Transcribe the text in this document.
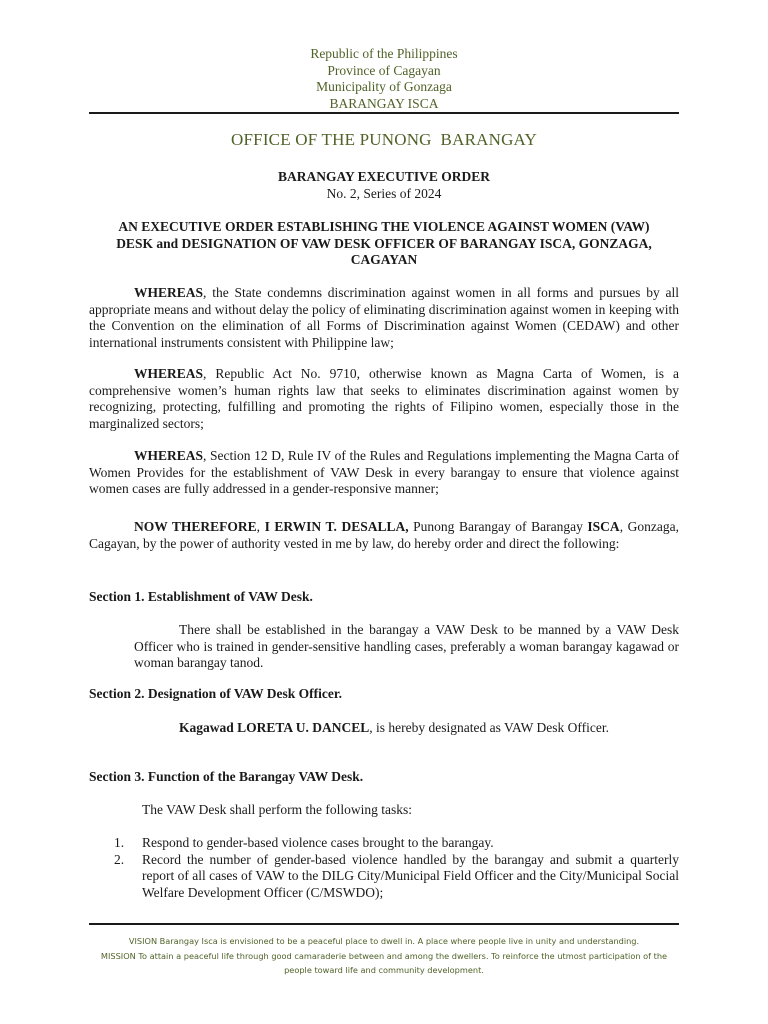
Republic of the Philippines
Province of Cagayan
Municipality of Gonzaga
BARANGAY ISCA
OFFICE OF THE PUNONG  BARANGAY
BARANGAY EXECUTIVE ORDER
No. 2, Series of 2024
AN EXECUTIVE ORDER ESTABLISHING THE VIOLENCE AGAINST WOMEN (VAW)
DESK and DESIGNATION OF VAW DESK OFFICER OF BARANGAY ISCA, GONZAGA,
CAGAYAN
WHEREAS, the State condemns discrimination against women in all forms and pursues by all appropriate means and without delay the policy of eliminating discrimination against women in keeping with the Convention on the elimination of all Forms of Discrimination against Women (CEDAW) and other international instruments consistent with Philippine law;
WHEREAS, Republic Act No. 9710, otherwise known as Magna Carta of Women, is a comprehensive women’s human rights law that seeks to eliminates discrimination against women by recognizing, protecting, fulfilling and promoting the rights of Filipino women, especially those in the marginalized sectors;
WHEREAS, Section 12 D, Rule IV of the Rules and Regulations implementing the Magna Carta of Women Provides for the establishment of VAW Desk in every barangay to ensure that violence against women cases are fully addressed in a gender-responsive manner;
NOW THEREFORE, I ERWIN T. DESALLA, Punong Barangay of Barangay ISCA, Gonzaga, Cagayan, by the power of authority vested in me by law, do hereby order and direct the following:
Section 1. Establishment of VAW Desk.
There shall be established in the barangay a VAW Desk to be manned by a VAW Desk Officer who is trained in gender-sensitive handling cases, preferably a woman barangay kagawad or woman barangay tanod.
Section 2. Designation of VAW Desk Officer.
Kagawad LORETA U. DANCEL, is hereby designated as VAW Desk Officer.
Section 3. Function of the Barangay VAW Desk.
The VAW Desk shall perform the following tasks:
1.	Respond to gender-based violence cases brought to the barangay.
2.	Record the number of gender-based violence handled by the barangay and submit a quarterly report of all cases of VAW to the DILG City/Municipal Field Officer and the City/Municipal Social Welfare Development Officer (C/MSWDO);
VISION Barangay Isca is envisioned to be a peaceful place to dwell in. A place where people live in unity and understanding.
MISSION To attain a peaceful life through good camaraderie between and among the dwellers. To reinforce the utmost participation of the people toward life and community development.
